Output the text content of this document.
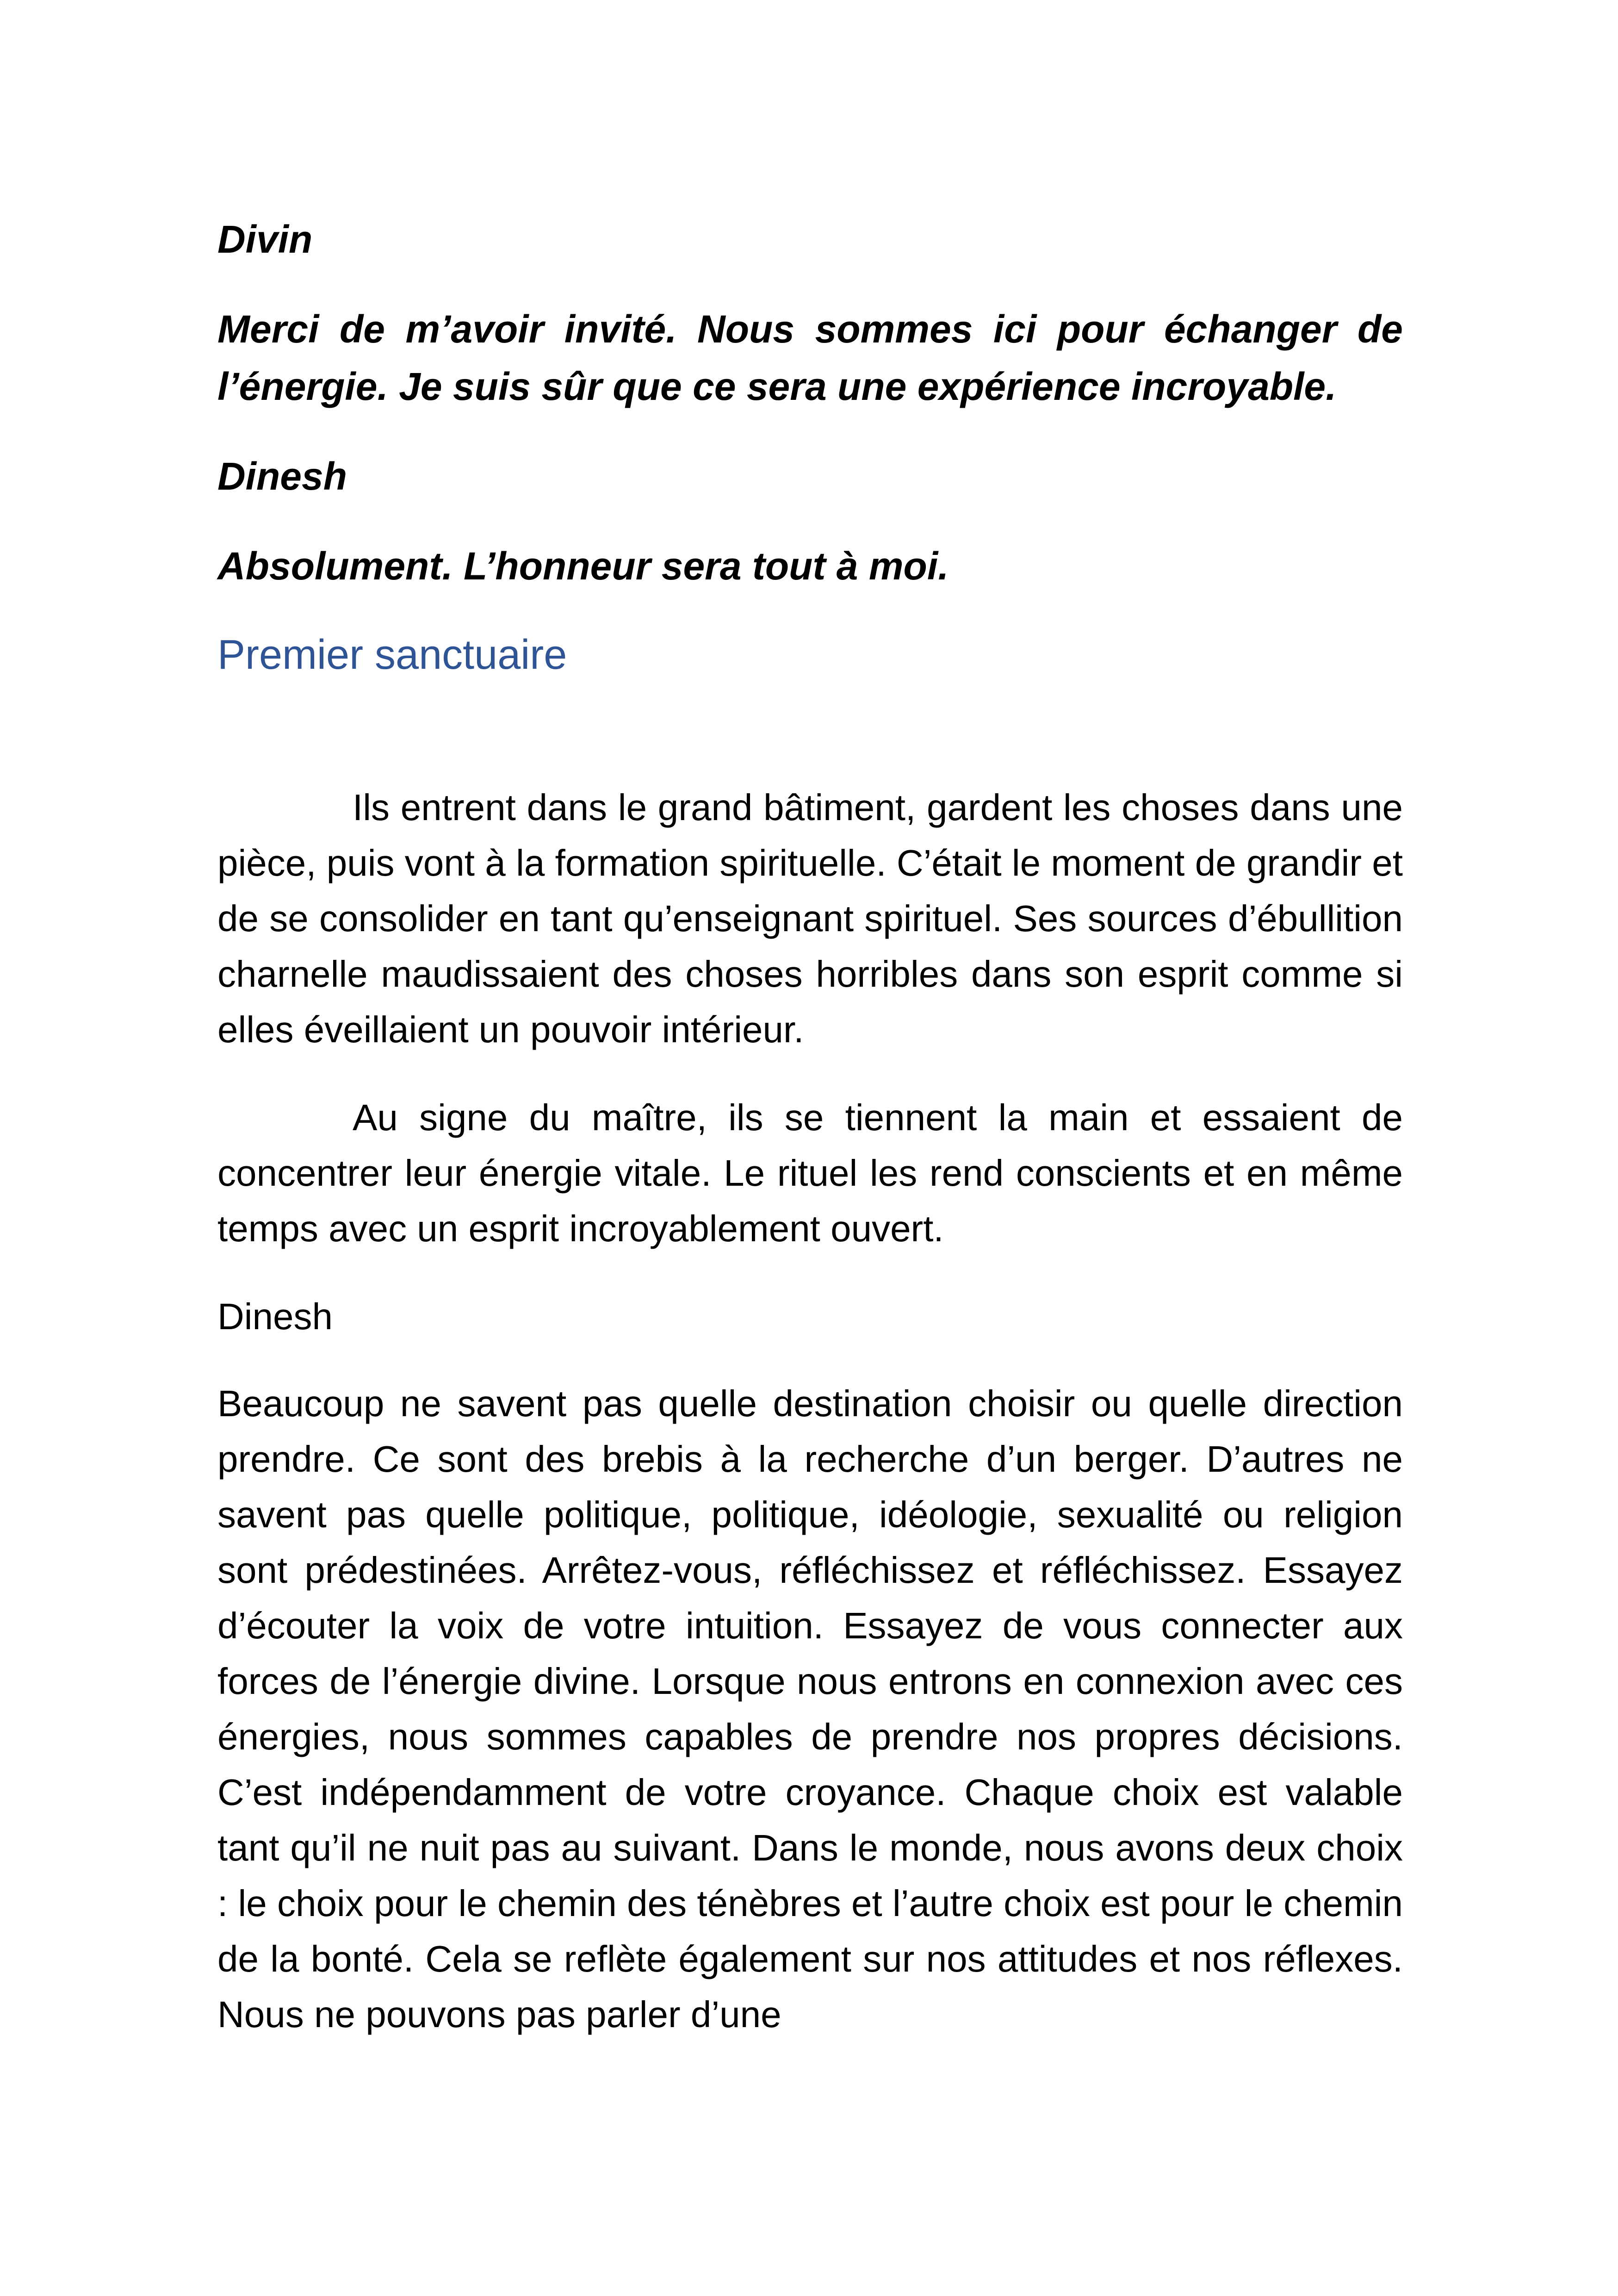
Divin

Merci de m’avoir invité. Nous sommes ici pour échanger de l’énergie. Je suis sûr que ce sera une expérience incroyable.

Dinesh

Absolument. L’honneur sera tout à moi.

Premier sanctuaire

Ils entrent dans le grand bâtiment, gardent les choses dans une pièce, puis vont à la formation spirituelle. C’était le moment de grandir et de se consolider en tant qu’enseignant spirituel. Ses sources d’ébullition charnelle maudissaient des choses horribles dans son esprit comme si elles éveillaient un pouvoir intérieur.

Au signe du maître, ils se tiennent la main et essaient de concentrer leur énergie vitale. Le rituel les rend conscients et en même temps avec un esprit incroyablement ouvert.

Dinesh

Beaucoup ne savent pas quelle destination choisir ou quelle direction prendre. Ce sont des brebis à la recherche d’un berger. D’autres ne savent pas quelle politique, politique, idéologie, sexualité ou religion sont prédestinées. Arrêtez-vous, réfléchissez et réfléchissez. Essayez d’écouter la voix de votre intuition. Essayez de vous connecter aux forces de l’énergie divine. Lorsque nous entrons en connexion avec ces énergies, nous sommes capables de prendre nos propres décisions. C’est indépendamment de votre croyance. Chaque choix est valable tant qu’il ne nuit pas au suivant. Dans le monde, nous avons deux choix : le choix pour le chemin des ténèbres et l’autre choix est pour le chemin de la bonté. Cela se reflète également sur nos attitudes et nos réflexes. Nous ne pouvons pas parler d’une
